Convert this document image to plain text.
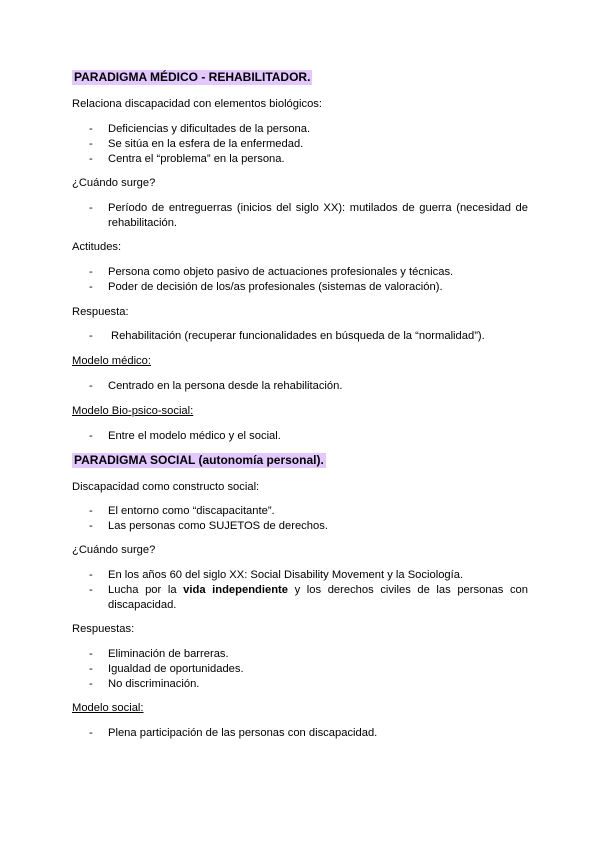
PARADIGMA MÉDICO - REHABILITADOR.
Relaciona discapacidad con elementos biológicos:
- Deficiencias y dificultades de la persona.
- Se sitúa en la esfera de la enfermedad.
- Centra el “problema” en la persona.
¿Cuándo surge?
- Período de entreguerras (inicios del siglo XX): mutilados de guerra (necesidad de rehabilitación.
Actitudes:
- Persona como objeto pasivo de actuaciones profesionales y técnicas.
- Poder de decisión de los/as profesionales (sistemas de valoración).
Respuesta:
- Rehabilitación (recuperar funcionalidades en búsqueda de la “normalidad”).
Modelo médico:
- Centrado en la persona desde la rehabilitación.
Modelo Bio-psico-social:
- Entre el modelo médico y el social.
PARADIGMA SOCIAL (autonomía personal).
Discapacidad como constructo social:
- El entorno como “discapacitante”.
- Las personas como SUJETOS de derechos.
¿Cuándo surge?
- En los años 60 del siglo XX: Social Disability Movement y la Sociología.
- Lucha por la vida independiente y los derechos civiles de las personas con discapacidad.
Respuestas:
- Eliminación de barreras.
- Igualdad de oportunidades.
- No discriminación.
Modelo social:
- Plena participación de las personas con discapacidad.
